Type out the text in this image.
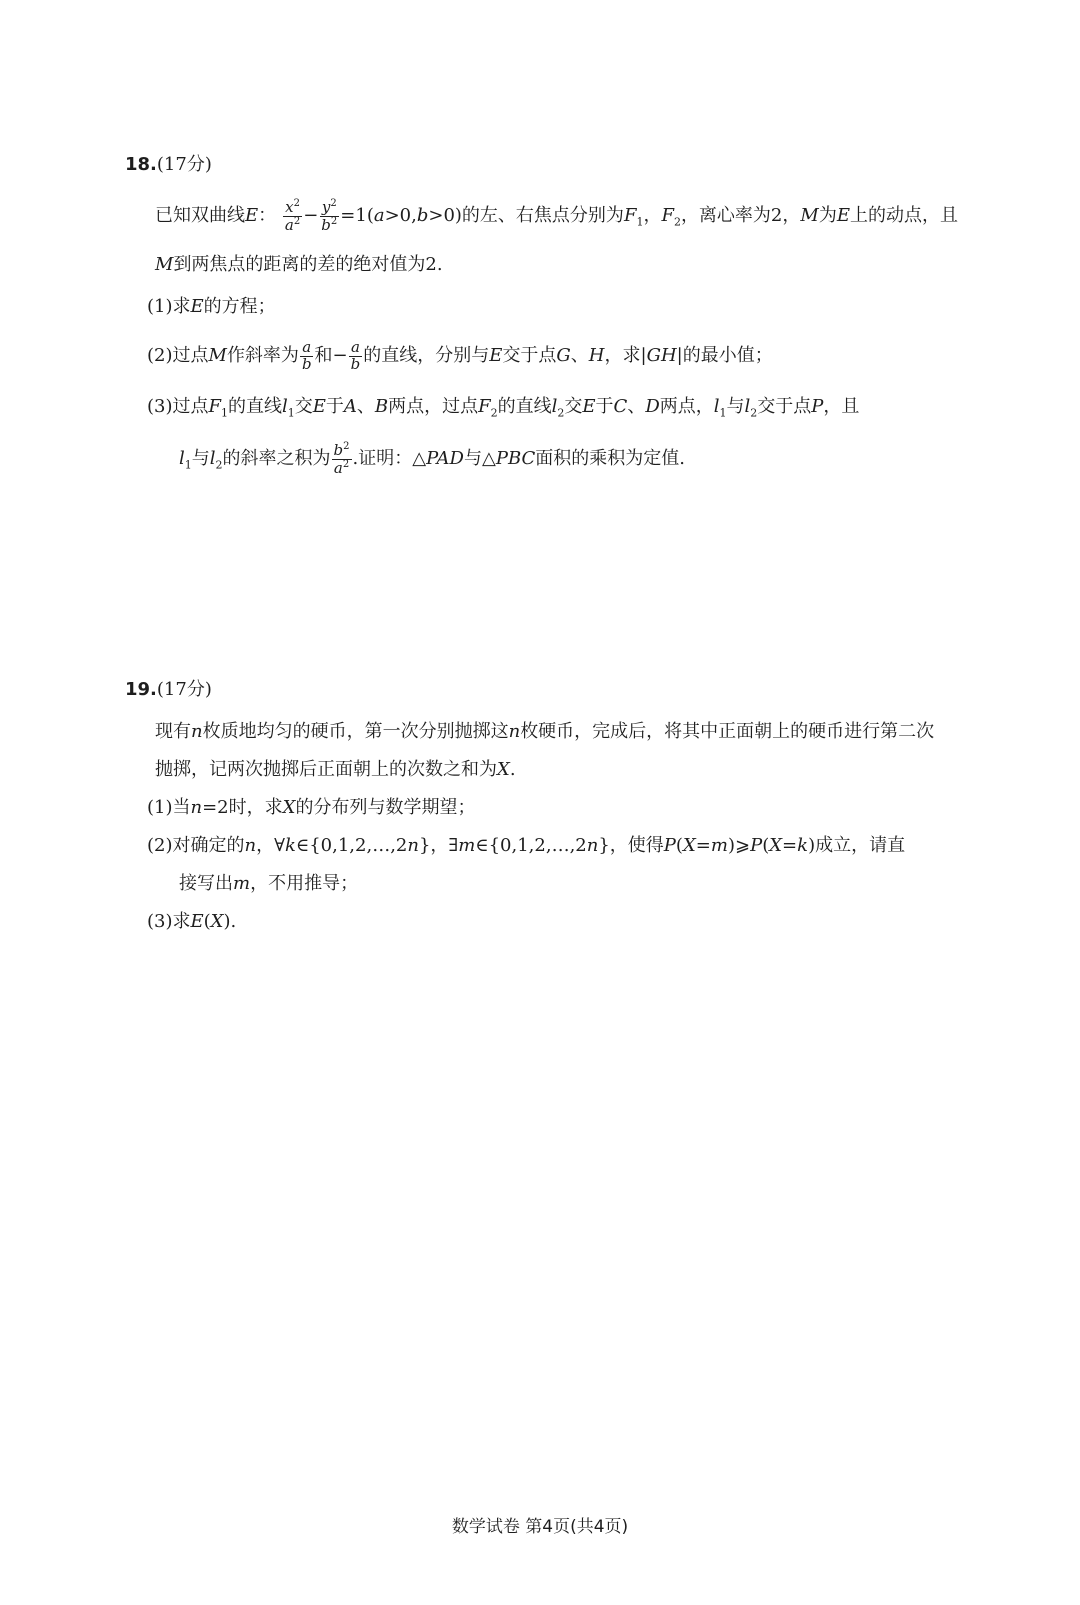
18.(17分)
已知双曲线E： $\frac{x^2}{a^2} - \frac{y^2}{b^2} =1(a>0,b>0)$的左、右焦点分别为$F_1$，$F_2$，离心率为2，M为E上的动点，且
M到两焦点的距离的差的绝对值为2.
(1)求E的方程；
(2)过点M作斜率为 $\frac{a}{b}$ 和− $\frac{a}{b}$ 的直线，分别与E交于点G、H，求|GH|的最小值；
(3)过点$F_1$的直线$l_1$交E于A、B两点，过点$F_2$的直线$l_2$交E于C、D两点，$l_1$与$l_2$交于点P，且
$l_1$与$l_2$的斜率之积为 $\frac{b^2}{a^2}$ .证明：△PAD与△PBC面积的乘积为定值.
19.(17分)
现有n枚质地均匀的硬币，第一次分别抛掷这n枚硬币，完成后，将其中正面朝上的硬币进行第二次
抛掷，记两次抛掷后正面朝上的次数之和为X.
(1)当n=2时，求X的分布列与数学期望；
(2)对确定的n，∀k∈{0,1,2,…,2n}，∃m∈{0,1,2,…,2n}，使得P(X=m)⩾P(X=k)成立，请直
接写出m，不用推导；
(3)求E(X).
数学试卷 第4页(共4页)
